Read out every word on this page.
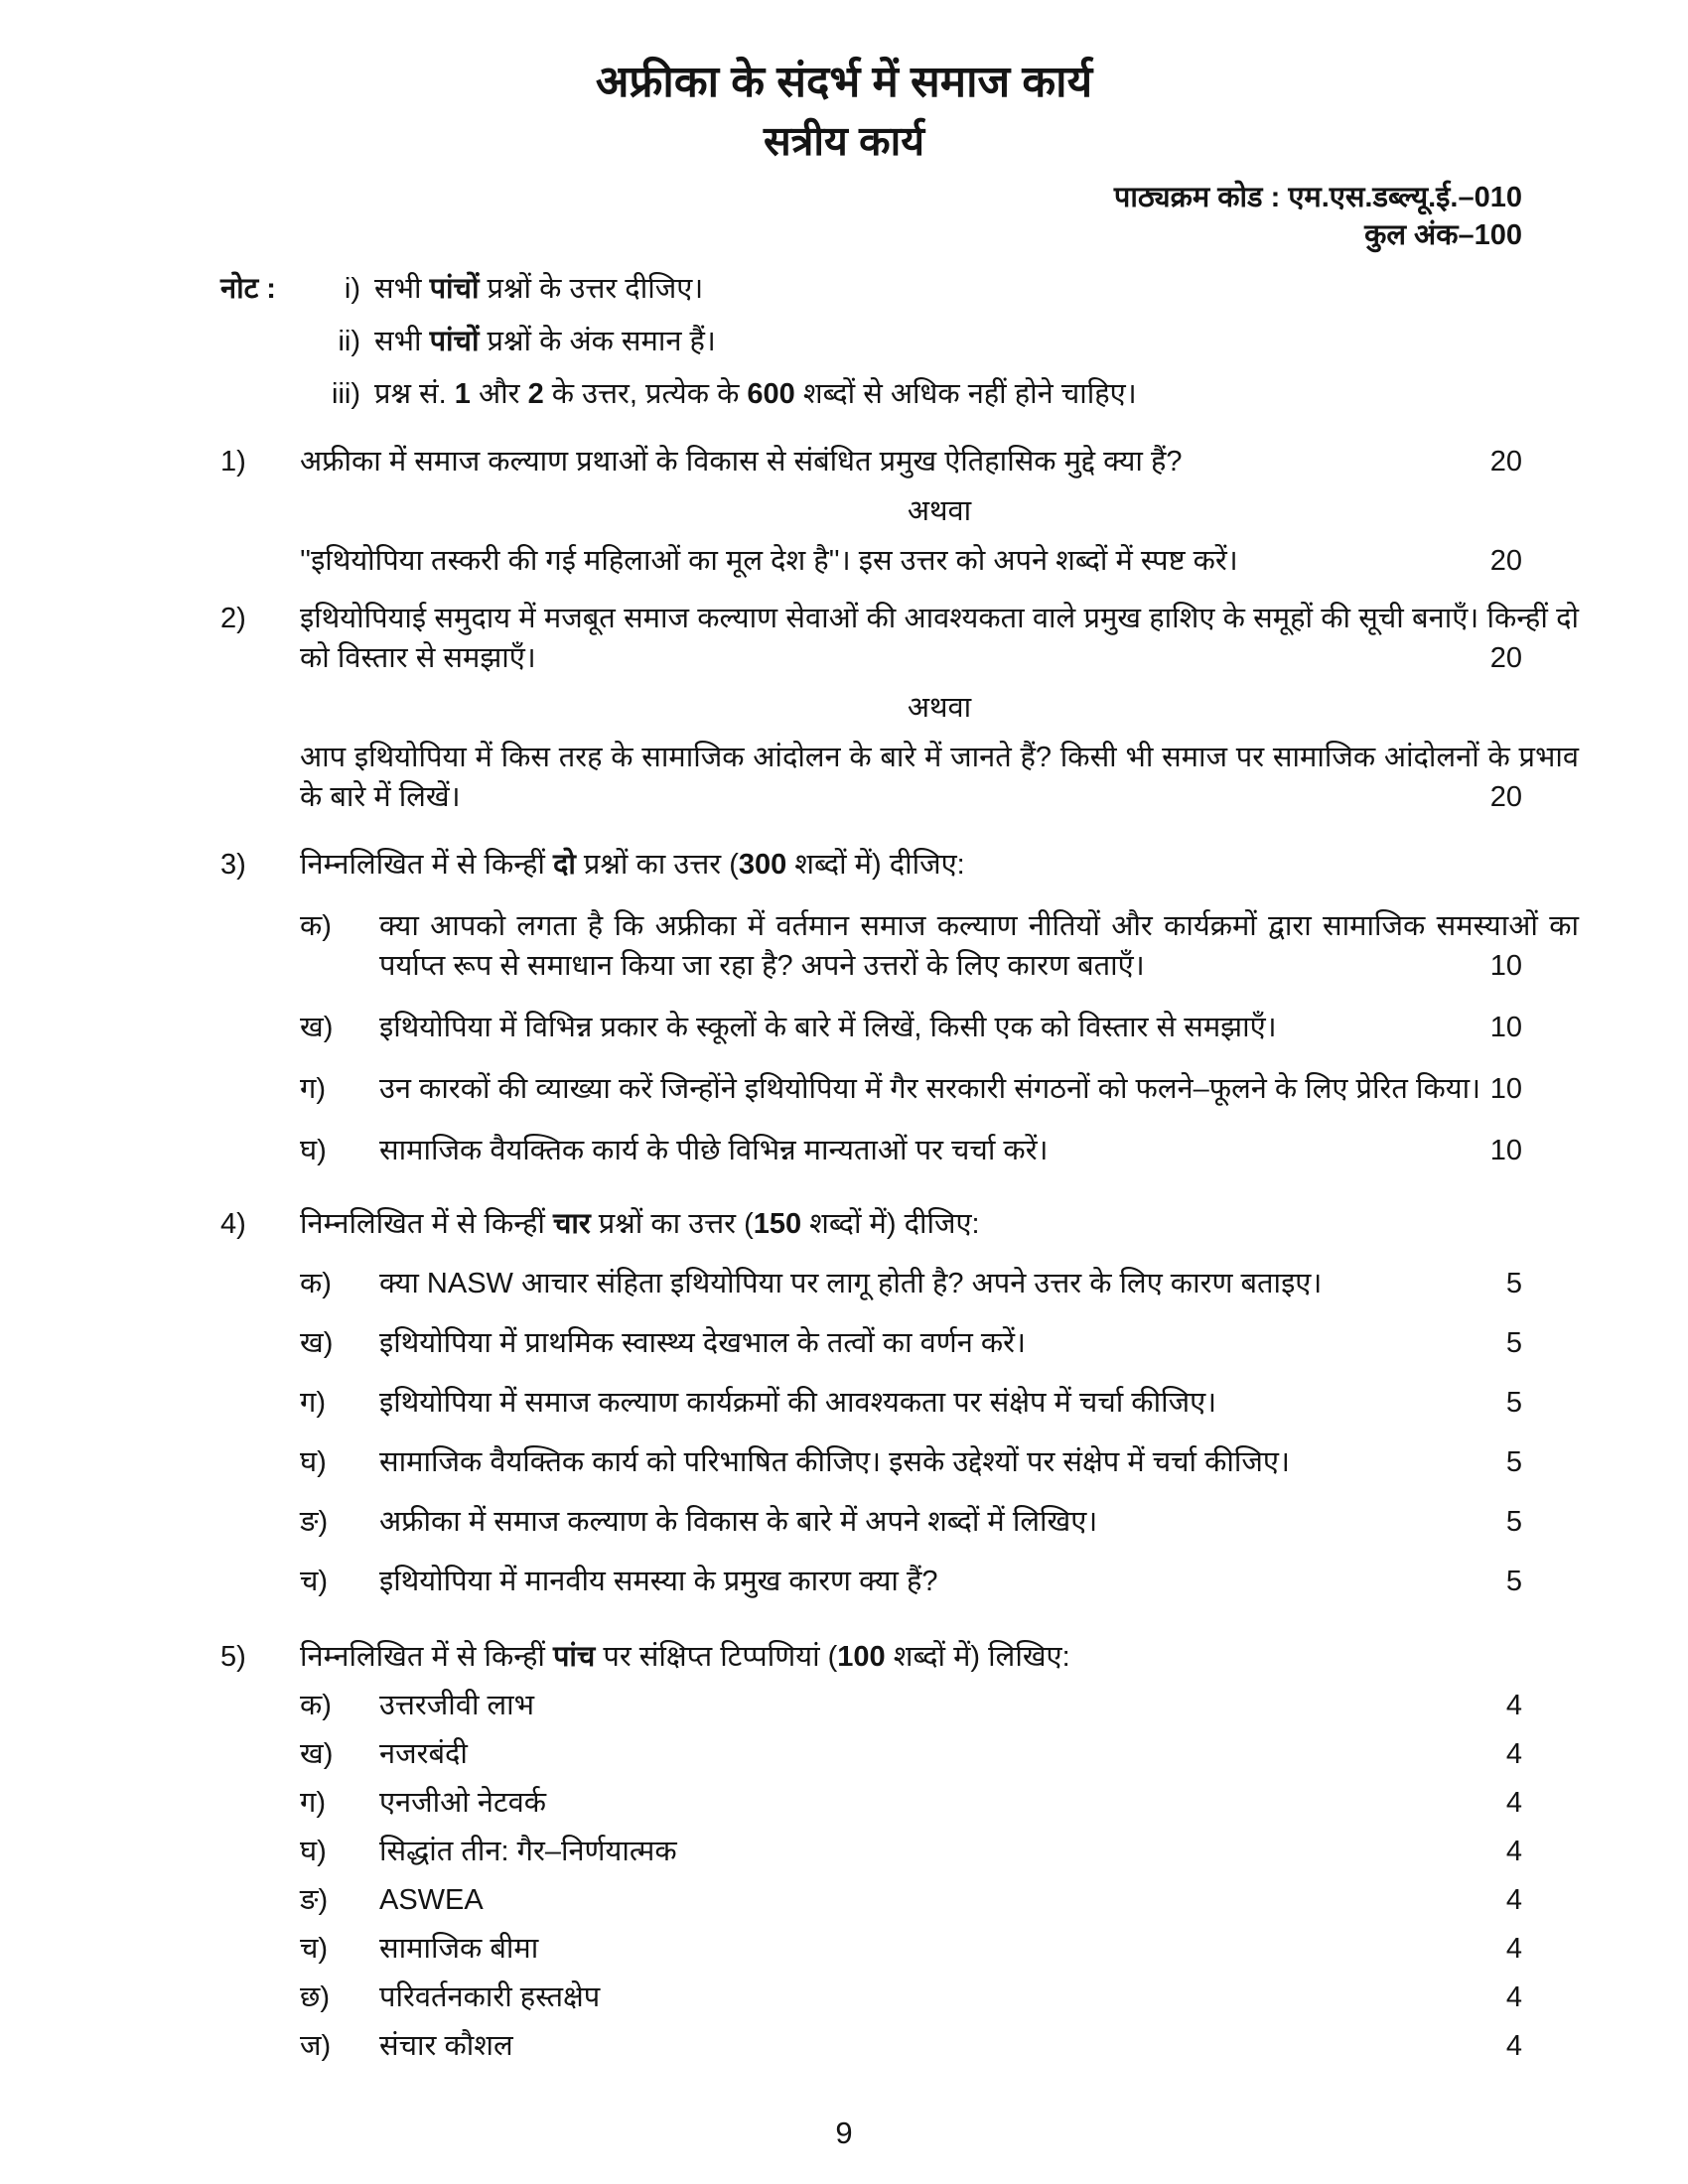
अफ्रीका के संदर्भ में समाज कार्य
सत्रीय कार्य
पाठ्यक्रम कोड : एम.एस.डब्ल्यू.ई.–010
कुल अंक–100
नोट :	i) सभी पांचों प्रश्नों के उत्तर दीजिए।
ii) सभी पांचों प्रश्नों के अंक समान हैं।
iii) प्रश्न सं. 1 और 2 के उत्तर, प्रत्येक के 600 शब्दों से अधिक नहीं होने चाहिए।
1) अफ्रीका में समाज कल्याण प्रथाओं के विकास से संबंधित प्रमुख ऐतिहासिक मुद्दे क्या हैं?	20
अथवा
''इथियोपिया तस्करी की गई महिलाओं का मूल देश है''। इस उत्तर को अपने शब्दों में स्पष्ट करें।	20
2) इथियोपियाई समुदाय में मजबूत समाज कल्याण सेवाओं की आवश्यकता वाले प्रमुख हाशिए के समूहों की सूची बनाएँ। किन्हीं दो को विस्तार से समझाएँ।	20
अथवा
आप इथियोपिया में किस तरह के सामाजिक आंदोलन के बारे में जानते हैं? किसी भी समाज पर सामाजिक आंदोलनों के प्रभाव के बारे में लिखें।	20
3) निम्नलिखित में से किन्हीं दो प्रश्नों का उत्तर (300 शब्दों में) दीजिए:
क) क्या आपको लगता है कि अफ्रीका में वर्तमान समाज कल्याण नीतियों और कार्यक्रमों द्वारा सामाजिक समस्याओं का पर्याप्त रूप से समाधान किया जा रहा है? अपने उत्तरों के लिए कारण बताएँ।	10
ख) इथियोपिया में विभिन्न प्रकार के स्कूलों के बारे में लिखें, किसी एक को विस्तार से समझाएँ।	10
ग) उन कारकों की व्याख्या करें जिन्होंने इथियोपिया में गैर सरकारी संगठनों को फलने–फूलने के लिए प्रेरित किया। 10
घ) सामाजिक वैयक्तिक कार्य के पीछे विभिन्न मान्यताओं पर चर्चा करें।	10
4) निम्नलिखित में से किन्हीं चार प्रश्नों का उत्तर (150 शब्दों में) दीजिए:
क) क्या NASW आचार संहिता इथियोपिया पर लागू होती है? अपने उत्तर के लिए कारण बताइए।	5
ख) इथियोपिया में प्राथमिक स्वास्थ्य देखभाल के तत्वों का वर्णन करें।	5
ग) इथियोपिया में समाज कल्याण कार्यक्रमों की आवश्यकता पर संक्षेप में चर्चा कीजिए।	5
घ) सामाजिक वैयक्तिक कार्य को परिभाषित कीजिए। इसके उद्देश्यों पर संक्षेप में चर्चा कीजिए।	5
ङ) अफ्रीका में समाज कल्याण के विकास के बारे में अपने शब्दों में लिखिए।	5
च) इथियोपिया में मानवीय समस्या के प्रमुख कारण क्या हैं?	5
5) निम्नलिखित में से किन्हीं पांच पर संक्षिप्त टिप्पणियां (100 शब्दों में) लिखिए:
क) उत्तरजीवी लाभ	4
ख) नजरबंदी	4
ग) एनजीओ नेटवर्क	4
घ) सिद्धांत तीन: गैर–निर्णयात्मक	4
ङ) ASWEA	4
च) सामाजिक बीमा	4
छ) परिवर्तनकारी हस्तक्षेप	4
ज) संचार कौशल	4
9
